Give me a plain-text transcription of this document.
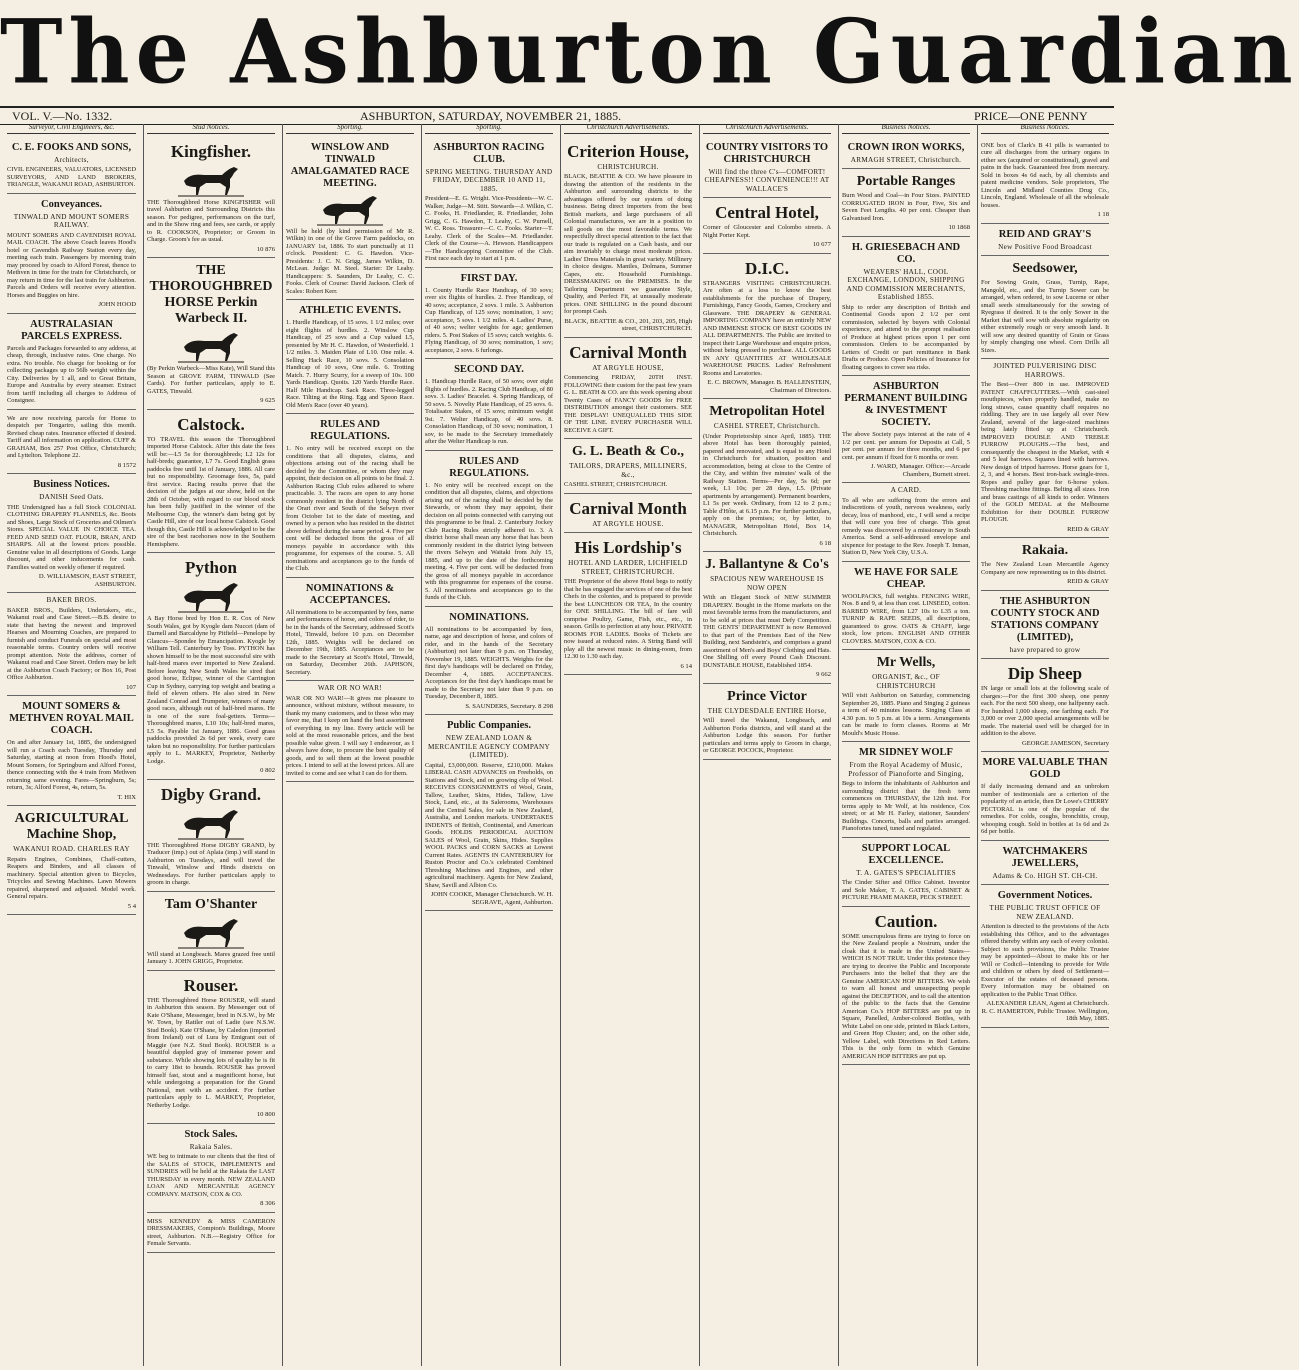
The Ashburton Guardian
VOL. V.—No. 1332.	ASHBURTON, SATURDAY, NOVEMBER 21, 1885.	PRICE—ONE PENNY
Surveyor, Civil Engineers, &c.
C. E. FOOKS AND SONS,
Architects,
CIVIL ENGINEERS, VALUATORS, LICENSED SURVEYORS, AND LAND BROKERS, TRIANGLE, WAKANUI ROAD, ASHBURTON.
Conveyances.
TINWALD AND MOUNT SOMERS RAILWAY.
MOUNT SOMERS AND CAVENDISH ROYAL MAIL COACH. The above Coach leaves Hood's hotel or Cavendish Railway Station every day, meeting each train. Passengers by morning train may proceed by coach to Alford Forest, thence to Methven in time for the train for Christchurch, or may return in time for the last train for Ashburton. Parcels and Orders will receive every attention. Horses and Buggies on hire.
JOHN HOOD
AUSTRALASIAN PARCELS EXPRESS.
Parcels and Packages forwarded to any address, at cheap, through, inclusive rates. One charge. No extra. No trouble. No charge for booking or for collecting packages up to 56lb weight within the City. Deliveries by 1 all, and to Great Britain, Europe and Australia by every steamer. Extract from tariff including all charges to Address of Consignee.
We are now receiving parcels for Home to despatch per Tongariro, sailing this month. Revised cheap rates. Insurance effected if desired. Tariff and all information on application. CUFF & GRAHAM, Box 257 Post Office, Christchurch; and Lyttelton. Telephone 22.
8 1572
Business Notices.
DANISH Seed Oats.
THE Undersigned has a full Stock COLONIAL CLOTHING DRAPERY FLANNELS, &c. Boots and Shoes, Large Stock of Groceries and Oilmen's Stores. SPECIAL VALUE IN CHOICE TEA. FEED AND SEED OAT. FLOUR, BRAN, AND SHARPS. All at the lowest prices possible. Genuine value in all descriptions of Goods. Large discount, and other inducements for cash. Families waited on weekly oftener if required.
D. WILLIAMSON, EAST STREET, ASHBURTON.
BAKER BROS.
BAKER BROS., Builders, Undertakers, etc., Wakanui road and Case Street.—B.B. desire to state that having the newest and improved Hearses and Mourning Coaches, are prepared to furnish and conduct Funerals on special and most reasonable terms. Country orders will receive prompt attention. Note the address, corner of Wakanui road and Case Street. Orders may be left at the Ashburton Coach Factory; or Box 16, Post Office Ashburton.
107
MOUNT SOMERS & METHVEN ROYAL MAIL COACH.
On and after January 1st, 1885, the undersigned will run a Coach each Tuesday, Thursday and Saturday, starting at noon from Hood's Hotel, Mount Somers, for Springburn and Alford Forest, thence connecting with the 4 train from Methven returning same evening. Fares—Springburn, 5s; return, 3s; Alford Forest, 4s, return, 5s.
T. HIX
AGRICULTURAL Machine Shop,
WAKANUI ROAD. CHARLES RAY
Repairs Engines, Combines, Chaff-cutters, Reapers and Binders, and all classes of machinery. Special attention given to Bicycles, Tricycles and Sewing Machines. Lawn Mowers repaired, sharpened and adjusted. Model work. General repairs.
5 4
Stud Notices.
Kingfisher.
THE Thoroughbred Horse KINGFISHER will travel Ashburton and Surrounding Districts this season. For pedigree, performances on the turf, and in the Show ring and fees, see cards, or apply to R. COOKSON, Proprietor; or Groom in Charge. Groom's fee as usual.
10 876
THE THOROUGHBRED HORSE Perkin Warbeck II.
(By Perkin Warbeck—Miss Kate), Will Stand this Season at GROVE FARM, TINWALD (See Cards). For further particulars, apply to E. GATES, Tinwald.
9 625
Calstock.
TO TRAVEL this season the Thoroughbred imported Horse Calstock. After this date the fees will be:—L5 5s for thoroughbreds; L2 12s for half-breds; guarantee, L7 7s. Good English grass paddocks free until 1st of January, 1886. All care but no responsibility. Groomage fees, 5s, paid first service. Racing results prove that the decision of the judges at our show, held on the 28th of October, with regard to our blood stock has been fully justified in the winner of the Melbourne Cup, the winner's dam being got by Castle Hill, sire of our local horse Calstock. Good though this, Castle Hill is acknowledged to be the sire of the best racehorses now in the Southern Hemisphere.
Python
A Bay Horse bred by Hon E. R. Cox of New South Wales, got by Kyogle dam Nuccei (dam of Darnell and Barcaldyne by Pitfield—Penelope by Glaucus—Spondee by Emancipation. Kyogle by William Tell. Canterbury by Toss. PYTHON has shown himself to be the most successful sire with half-bred mares ever imported to New Zealand. Before leaving New South Wales he sired that good horse, Eclipse, winner of the Carrington Cup in Sydney, carrying top weight and beating a field of eleven others. He also sired in New Zealand Conrad and Trumpeter, winners of many good races, although out of half-bred mares. He is one of the sure foal-getters. Terms—Thoroughbred mares, L10 10s; half-bred mares, L5 5s. Payable 1st January, 1886. Good grass paddocks provided 2s 6d per week, every care taken but no responsibility. For further particulars apply to L. MARKEY, Proprietor, Netherby Lodge.
0 802
Digby Grand.
THE Thoroughbred Horse DIGBY GRAND, by Traducer (imp.) out of Aplaia (imp.) will stand in Ashburton on Tuesdays, and will travel the Tinwald, Winslow and Hinds districts on Wednesdays. For further particulars apply to groom in charge.
Tam O'Shanter
Will stand at Longbeach. Mares grazed free until January 1. JOHN GRIGG, Proprietor.
Rouser.
THE Thoroughbred Horse ROUSER, will stand in Ashburton this season. By Messenger out of Kate O'Shane, Messenger, bred in N.S.W., by Mr W. Town, by Rattler out of Ladie (see N.S.W. Stud Book). Kate O'Shane, by Caledon (imported from Ireland) out of Lura by Emigrant out of Maggie (see N.Z. Stud Book). ROUSER is a beautiful dappled gray of immense power and substance. While showing lots of quality he is fit to carry 18st to hounds. ROUSER has proved himself fast, stout and a magnificent horse, but while undergoing a preparation for the Grand National, met with an accident. For further particulars apply to L. MARKEY, Proprietor, Netherby Lodge.
10 800
Stock Sales.
Rakaia Sales.
WE beg to intimate to our clients that the first of the SALES of STOCK, IMPLEMENTS and SUNDRIES will be held at the Rakaia the LAST THURSDAY in every month. NEW ZEALAND LOAN AND MERCANTILE AGENCY COMPANY. MATSON, COX & CO.
8 306
MISS KENNEDY & MISS CAMERON DRESSMAKERS, Compton's Buildings, Moore street, Ashburton. N.B.—Registry Office for Female Servants.
Sporting.
WINSLOW AND TINWALD AMALGAMATED RACE MEETING.
Will be held (by kind permission of Mr R. Wilkin) in one of the Grove Farm paddocks, on JANUARY 1st, 1886. To start punctually at 11 o'clock. President: C. G. Hawdon. Vice-Presidents: J. C. N. Grigg, James Wilkin, D. McLean. Judge: M. Steel. Starter: Dr Leahy. Handicappers: S. Saunders, Dr Leahy, C. C. Fooks. Clerk of Course: David Jackson. Clerk of Scales: Robert Kerr.
ATHLETIC EVENTS.
1. Hurdle Handicap, of 15 sovs. 1 1/2 miles; over eight flights of hurdles. 2. Winslow Cup Handicap, of 25 sovs and a Cup valued L5, presented by Mr H. C. Hawdon, of Westerfield. 1 1/2 miles. 3. Maiden Plate of L10. One mile. 4. Selling Hack Race, 10 sovs. 5. Consolation Handicap of 10 sovs, One mile. 6. Trotting Match. 7. Hurry Scurry, for a sweep of 10s. 100 Yards Handicap. Quoits. 120 Yards Hurdle Race. Half Mile Handicap. Sack Race. Three-legged Race. Tilting at the Ring. Egg and Spoon Race. Old Men's Race (over 40 years).
RULES AND REGULATIONS.
1. No entry will be received except on the conditions that all disputes, claims, and objections arising out of the racing shall be decided by the Committee, or whom they may appoint, their decision on all points to be final. 2. Ashburton Racing Club rules adhered to where practicable. 3. The races are open to any horse commonly resident in the district lying North of the Orari river and South of the Selwyn river from October 1st to the date of meeting, and owned by a person who has resided in the district above defined during the same period. 4. Five per cent will be deducted from the gross of all moneys payable in accordance with this programme, for expenses of the course. 5. All nominations and acceptances go to the funds of the Club.
NOMINATIONS & ACCEPTANCES.
All nominations to be accompanied by fees, name and performances of horse, and colors of rider, to be in the hands of the Secretary, addressed Scott's Hotel, Tinwald, before 10 p.m. on December 12th, 1885. Weights will be declared on December 19th, 1885. Acceptances are to be made to the Secretary at Scott's Hotel, Tinwald, on Saturday, December 26th. JAPHSON, Secretary.
WAR OR NO WAR!
WAR OR NO WAR!—It gives me pleasure to announce, without mixture, without measure, to thank my many customers, and to those who may favor me, that I keep on hand the best assortment of everything in my line. Every article will be sold at the most reasonable prices, and the best possible value given. I will say I endeavour, as I always have done, to procure the best quality of goods, and to sell them at the lowest possible prices. I intend to sell at the lowest prices. All are invited to come and see what I can do for them.
Sporting.
ASHBURTON RACING CLUB.
SPRING MEETING. THURSDAY AND FRIDAY, DECEMBER 10 AND 11, 1885.
President—E. G. Wright. Vice-Presidents—W. C. Walker, Judge—M. Stitt. Stewards—J. Wilkin, C. C. Fooks, H. Friedlander, R. Friedlander, John Grigg, C. G. Hawdon, T. Leahy, C. W. Purnell, W. C. Ross. Treasurer—C. C. Fooks. Starter—T. Leahy. Clerk of the Scales—M. Friedlander. Clerk of the Course—A. Hewson. Handicappers—The Handicapping Committee of the Club. First race each day to start at 1 p.m.
FIRST DAY.
1. County Hurdle Race Handicap, of 30 sovs; over six flights of hurdles. 2. Free Handicap, of 40 sovs; acceptance, 2 sovs. 1 mile. 3. Ashburton Cup Handicap, of 125 sovs; nomination, 1 sov; acceptance, 5 sovs. 1 1/2 miles. 4. Ladies' Purse, of 40 sovs; welter weights for age; gentlemen riders. 5. Post Stakes of 15 sovs; catch weights. 6. Flying Handicap, of 30 sovs; nomination, 1 sov; acceptance, 2 sovs. 6 furlongs.
SECOND DAY.
1. Handicap Hurdle Race, of 50 sovs; over eight flights of hurdles. 2. Racing Club Handicap, of 80 sovs. 3. Ladies' Bracelet. 4. Spring Handicap, of 50 sovs. 5. Novelty Plate Handicap, of 25 sovs. 6. Totalisator Stakes, of 15 sovs; minimum weight 9st. 7. Welter Handicap, of 40 sovs. 8. Consolation Handicap, of 30 sovs; nomination, 1 sov, to be made to the Secretary immediately after the Welter Handicap is run.
RULES AND REGULATIONS.
1. No entry will be received except on the condition that all disputes, claims, and objections arising out of the racing shall be decided by the Stewards, or whom they may appoint, their decision on all points connected with carrying out this programme to be final. 2. Canterbury Jockey Club Racing Rules strictly adhered to. 3. A district horse shall mean any horse that has been commonly resident in the district lying between the rivers Selwyn and Waitaki from July 15, 1885, and up to the date of the forthcoming meeting. 4. Five per cent. will be deducted from the gross of all moneys payable in accordance with this programme for expenses of the course. 5. All nominations and acceptances go to the funds of the Club.
NOMINATIONS.
All nominations to be accompanied by fees, name, age and description of horse, and colors of rider, and in the hands of the Secretary (Ashburton) not later than 9 p.m. on Thursday, November 19, 1885. WEIGHTS. Weights for the first day's handicaps will be declared on Friday, December 4, 1885. ACCEPTANCES. Acceptances for the first day's handicaps must be made to the Secretary not later than 9 p.m. on Tuesday, December 8, 1885.
S. SAUNDERS, Secretary. 8 298
Public Companies.
NEW ZEALAND LOAN & MERCANTILE AGENCY COMPANY (LIMITED).
Capital, £3,000,000. Reserve, £210,000. Makes LIBERAL CASH ADVANCES on Freeholds, on Stations and Stock, and on growing clip of Wool. RECEIVES CONSIGNMENTS of Wool, Grain, Tallow, Leather, Skins, Hides, Tallow, Live Stock, Land, etc., at its Salerooms, Warehouses and the Central Sales, for sale in New Zealand, Australia, and London markets. UNDERTAKES INDENTS of British, Continental, and American Goods. HOLDS PERIODICAL AUCTION SALES of Wool, Grain, Skins, Hides. Supplies WOOL PACKS and CORN SACKS at Lowest Current Rates. AGENTS IN CANTERBURY for Ruston Proctor and Co.'s celebrated Combined Threshing Machines and Engines, and other agricultural machinery. Agents for New Zealand, Shaw, Savill and Albion Co.
JOHN COOKE, Manager Christchurch. W. H. SEGRAVE, Agent, Ashburton.
Christchurch Advertisements.
Criterion House,
CHRISTCHURCH.
BLACK, BEATTIE & CO. We have pleasure in drawing the attention of the residents in the Ashburton and surrounding districts to the advantages offered by our system of doing business. Being direct importers from the best British markets, and large purchasers of all Colonial manufactures, we are in a position to sell goods on the most favorable terms. We respectfully direct special attention to the fact that our trade is regulated on a Cash basis, and our aim invariably to charge most moderate prices. Ladies' Dress Materials in great variety. Millinery in choice designs. Mantles, Dolmans, Summer Capes, etc. Household Furnishings. DRESSMAKING on the PREMISES. In the Tailoring Department we guarantee Style, Quality, and Perfect Fit, at unusually moderate prices. ONE SHILLING in the pound discount for prompt Cash.
BLACK, BEATTIE & CO., 201, 203, 205, High street, CHRISTCHURCH.
Carnival Month
AT ARGYLE HOUSE,
Commencing FRIDAY, 20TH INST. FOLLOWING their custom for the past few years G. L. BEATH & CO. are this week opening about Twenty Cases of FANCY GOODS for FREE DISTRIBUTION amongst their customers. SEE THE DISPLAY! UNEQUALLED THIS SIDE OF THE LINE. EVERY PURCHASER WILL RECEIVE A GIFT.
G. L. Beath & Co.,
TAILORS, DRAPERS, MILLINERS, &c.,
CASHEL STREET, CHRISTCHURCH.
Carnival Month
AT ARGYLE HOUSE.
His Lordship's
HOTEL AND LARDER, LICHFIELD STREET, CHRISTCHURCH.
THE Proprietor of the above Hotel begs to notify that he has engaged the services of one of the best Chefs in the colonies, and is prepared to provide the best LUNCHEON OR TEA, In the country for ONE SHILLING. The bill of fare will comprise Poultry, Game, Fish, etc., etc., in season. Grills to perfection at any hour. PRIVATE ROOMS FOR LADIES. Books of Tickets are now issued at reduced rates. A String Band will play all the newest music in dining-room, from 12.30 to 1.30 each day.
6 14
Christchurch Advertisements.
COUNTRY VISITORS TO CHRISTCHURCH
Will find the three C's—COMFORT! CHEAPNESS!! CONVENIENCE!!! AT WALLACE'S
Central Hotel,
Corner of Gloucester and Colombo streets. A Night Porter Kept.
10 677
D.I.C.
STRANGERS VISITING CHRISTCHURCH. Are often at a loss to know the best establishments for the purchase of Drapery, Furnishings, Fancy Goods, Games, Crockery and Glassware. THE DRAPERY & GENERAL IMPORTING COMPANY have an entirely NEW AND IMMENSE STOCK OF BEST GOODS IN ALL DEPARTMENTS. The Public are invited to inspect their Large Warehouse and enquire prices, without being pressed to purchase. ALL GOODS IN ANY QUANTITIES AT WHOLESALE WAREHOUSE PRICES. Ladies' Refreshment Rooms and Lavatories.
E. C. BROWN, Manager. B. HALLENSTEIN, Chairman of Directors.
Metropolitan Hotel
CASHEL STREET, Christchurch.
(Under Proprietorship since April, 1885). THE above Hotel has been thoroughly painted, papered and renovated, and is equal to any Hotel in Christchurch for situation, position and accommodation, being at close to the Centre of the City, and within five minutes' walk of the Railway Station. Terms—Per day, 5s 6d; per week, L1 10s; per 28 days, L5. (Private apartments by arrangement). Permanent boarders, L1 5s per week. Ordinary, from 12 to 2 p.m.; Table d'Hôte, at 6.15 p.m. For further particulars, apply on the premises; or, by letter, to MANAGER, Metropolitan Hotel, Box 14, Christchurch.
6 18
J. Ballantyne & Co's
SPACIOUS NEW WAREHOUSE IS NOW OPEN
With an Elegant Stock of NEW SUMMER DRAPERY. Bought in the Home markets on the most favorable terms from the manufacturers, and to be sold at prices that must Defy Competition. THE GENTS' DEPARTMENT is now Removed to that part of the Premises East of the New Building, next Sandstein's, and comprises a grand assortment of Men's and Boys' Clothing and Hats. One Shilling off every Pound Cash Discount. DUNSTABLE HOUSE, Established 1854.
9 662
Prince Victor
THE CLYDESDALE ENTIRE Horse,
Will travel the Wakanui, Longbeach, and Ashburton Forks districts, and will stand at the Ashburton Lodge this season. For further particulars and terms apply to Groom in charge, or GEORGE POCOCK, Proprietor.
Business Notices.
CROWN IRON WORKS,
ARMAGH STREET, Christchurch.
Portable Ranges
Burn Wood and Coal—in Four Sizes. PAINTED CORRUGATED IRON in Four, Five, Six and Seven Feet Lengths. 40 per cent. Cheaper than Galvanised Iron.
10 1868
H. GRIESEBACH AND CO.
WEAVERS' HALL, COOL EXCHANGE, LONDON, SHIPPING AND COMMISSION MERCHANTS, Established 1855.
Ship to order any description of British and Continental Goods upon 2 1/2 per cent commission, selected by buyers with Colonial experience, and attend to the prompt realisation of Produce at highest prices upon 1 per cent commission. Orders to be accompanied by Letters of Credit or part remittance in Bank Drafts or Produce. Open Policies of Insurance for floating cargoes to cover sea risks.
ASHBURTON PERMANENT BUILDING & INVESTMENT SOCIETY.
The above Society pays interest at the rate of 4 1/2 per cent. per annum for Deposits at Call, 5 per cent. per annum for three months, and 6 per cent. per annum if fixed for 6 months or over.
J. WARD, Manager. Office:—Arcade Chambers, Burnett street.
A CARD.
To all who are suffering from the errors and indiscretions of youth, nervous weakness, early decay, loss of manhood, etc., I will send a recipe that will cure you free of charge. This great remedy was discovered by a missionary in South America. Send a self-addressed envelope and sixpence for postage to the Rev. Joseph T. Inman, Station D, New York City, U.S.A.
WE HAVE FOR SALE CHEAP.
WOOLPACKS, full weights. FENCING WIRE, Nos. 8 and 9, at less than cost. LINSEED, cotton. BARBED WIRE, from L27 10s to L35 a ton. TURNIP & RAPE SEEDS, all descriptions, guaranteed to grow. OATS & CHAFF, large stock, low prices. ENGLISH AND OTHER CLOVERS. MATSON, COX & CO.
Mr Wells,
ORGANIST, &c., OF CHRISTCHURCH
Will visit Ashburton on Saturday, commencing September 26, 1885. Piano and Singing 2 guineas a term of 40 minutes lessons. Singing Class at 4.30 p.m. to 5 p.m. at 10s a term. Arrangements can be made to form classes. Rooms at Mr Mould's Music House.
MR SIDNEY WOLF
From the Royal Academy of Music, Professor of Pianoforte and Singing,
Begs to inform the inhabitants of Ashburton and surrounding district that the fresh term commences on THURSDAY, the 12th inst. For terms apply to Mr Wolf, at his residence, Cox street; or at Mr H. Farley, stationer, Saunders' Buildings. Concerts, balls and parties arranged. Pianofortes tuned, tuned and regulated.
SUPPORT LOCAL EXCELLENCE.
T. A. GATES'S SPECIALITIES
The Cinder Sifter and Office Cabinet. Inventor and Sole Maker, T. A. GATES, CABINET & PICTURE FRAME MAKER, PECK STREET.
Caution.
SOME unscrupulous firms are trying to force on the New Zealand people a Nostrum, under the cloak that it is made in the United States—WHICH IS NOT TRUE. Under this pretence they are trying to deceive the Public and Incorporate Purchasers into the belief that they are the Genuine AMERICAN HOP BITTERS. We wish to warn all honest and unsuspecting people against the DECEPTION, and to call the attention of the public to the facts that the Genuine American Co.'s HOP BITTERS are put up in Square, Panelled, Amber-colored Bottles, with White Label on one side, printed in Black Letters, and Green Hop Cluster; and, on the other side, Yellow Label, with Directions in Red Letters. This is the only form in which Genuine AMERICAN HOP BITTERS are put up.
Business Notices.
ONE box of Clark's B 41 pills is warranted to cure all discharges from the urinary organs in either sex (acquired or constitutional), gravel and pains in the back. Guaranteed free from mercury. Sold in boxes 4s 6d each, by all chemists and patent medicine vendors. Sole proprietors, The Lincoln and Midland Counties Drug Co., Lincoln, England. Wholesale of all the wholesale houses.
1 18
REID AND GRAY'S
New Positive Food Broadcast
Seedsower,
For Sowing Grain, Grass, Turnip, Rape, Mangold, etc., and the Turnip Sower can be arranged, when ordered, to sow Lucerne or other small seeds simultaneously for the sowing of Ryegrass if desired. It is the only Sower in the Market that will sow with absolute regularity on either extremely rough or very smooth land. It will sow any desired quantity of Grain or Grass by simply changing one wheel. Corn Drills all Sizes.
JOINTED PULVERISING DISC HARROWS.
The Best—Over 800 in use. IMPROVED PATENT CHAFFCUTTERS.—With cast-steel mouthpieces, when properly handled, make no long straws, cause quantity chaff requires no riddling. They are in use largely all over New Zealand, several of the large-sized machines being lately fitted up at Christchurch. IMPROVED DOUBLE AND TREBLE FURROW PLOUGHS.—The best, and consequently the cheapest in the Market, with 4 and 5 leaf harrows. Squares lined with harrows. New design of tripod harrows. Horse gears for 1, 2, 3, and 4 horses. Best iron-back swingle-trees. Ropes and pulley gear for 6-horse yokes. Threshing machine fittings. Belting all sizes. Iron and brass castings of all kinds to order. Winners of the GOLD MEDAL at the Melbourne Exhibition for their DOUBLE FURROW PLOUGH.
REID & GRAY
Rakaia.
The New Zealand Loan Mercantile Agency Company are now representing us in this district.
REID & GRAY
THE ASHBURTON COUNTY STOCK AND STATIONS COMPANY (LIMITED),
have prepared to grow
Dip Sheep
IN large or small lots at the following scale of charges:—For the first 300 sheep, one penny each. For the next 500 sheep, one halfpenny each. For hundred 1,000 sheep, one farthing each. For 3,000 or over 2,000 special arrangements will be made. The material used will be charged for in addition to the above.
GEORGE JAMESON, Secretary
MORE VALUABLE THAN GOLD
If daily increasing demand and an unbroken number of testimonials are a criterion of the popularity of an article, then Dr Lowe's CHERRY PECTORAL is one of the popular of the remedies. For colds, coughs, bronchitis, croup, whooping cough. Sold in bottles at 1s 6d and 2s 6d per bottle.
WATCHMAKERS JEWELLERS,
Adams & Co. HIGH ST. CH-CH.
Government Notices.
THE PUBLIC TRUST OFFICE OF NEW ZEALAND.
Attention is directed to the provisions of the Acts establishing this Office, and to the advantages offered thereby within any each of every colonist. Subject to such provisions, the Public Trustee may be appointed—About to make his or her Will or Codicil—Intending to provide for Wife and children or others by deed of Settlement—Executor of the estates of deceased persons. Every information may be obtained on application to the Public Trust Office.
ALEXANDER LEAN, Agent at Christchurch. R. C. HAMERTON, Public Trustee. Wellington, 18th May, 1885.
